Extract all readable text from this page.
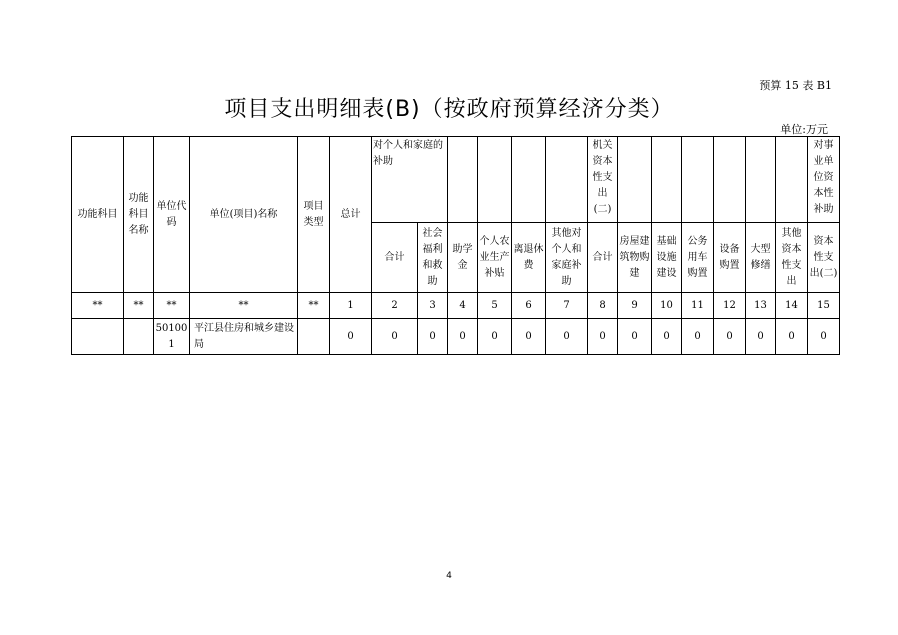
预算 15 表 B1
项目支出明细表(B)（按政府预算经济分类）
单位:万元
功能科目	功能科目名称	单位代码	单位(项目)名称	项目类型	总计	对个人和家庭的补助						机关资本性支出(二)							对事业单位资本性补助
						合计	社会福利和救助	助学金	个人农业生产补贴	离退休费	其他对个人和家庭补助	合计	房屋建筑物购建	基础设施建设	公务用车购置	设备购置	大型修缮	其他资本性支出	资本性支出(二)
**	**	**	**	**	1	2	3	4	5	6	7	8	9	10	11	12	13	14	15
		501001	平江县住房和城乡建设局		0	0	0	0	0	0	0	0	0	0	0	0	0	0	0
4
